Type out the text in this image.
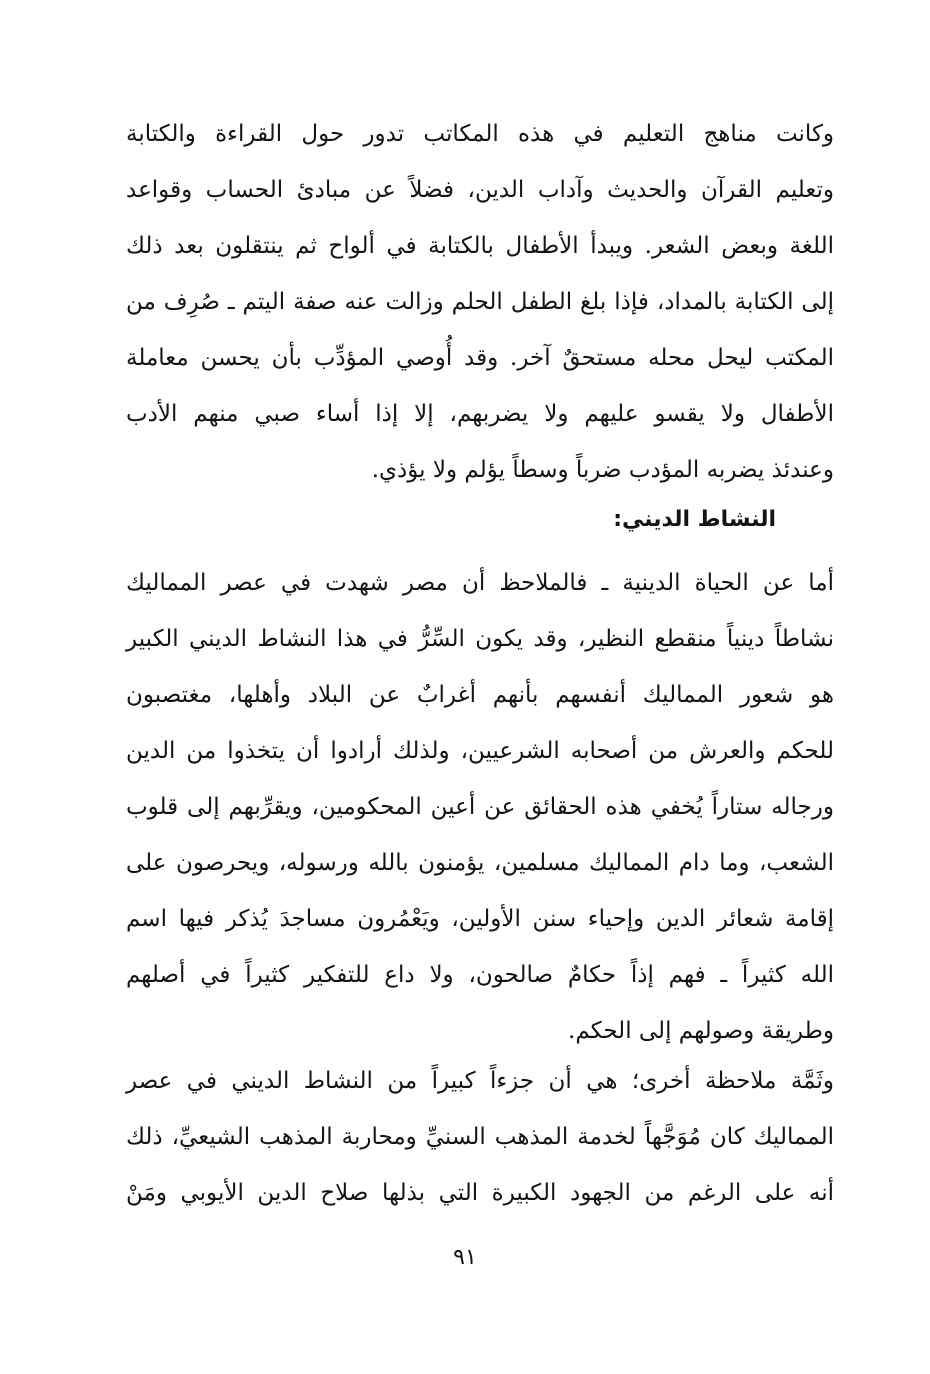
وكانت مناهج التعليم في هذه المكاتب تدور حول القراءة والكتابة
وتعليم القرآن والحديث وآداب الدين، فضلاً عن مبادئ الحساب وقواعد
اللغة وبعض الشعر. ويبدأ الأطفال بالكتابة في ألواح ثم ينتقلون بعد ذلك
إلى الكتابة بالمداد، فإذا بلغ الطفل الحلم وزالت عنه صفة اليتم ـ صُرِف من
المكتب ليحل محله مستحقٌ آخر. وقد أُوصي المؤدِّب بأن يحسن معاملة
الأطفال ولا يقسو عليهم ولا يضربهم، إلا إذا أساء صبي منهم الأدب
وعندئذ يضربه المؤدب ضرباً وسطاً يؤلم ولا يؤذي.
النشاط الديني:
أما عن الحياة الدينية ـ فالملاحظ أن مصر شهدت في عصر المماليك
نشاطاً دينياً منقطع النظير، وقد يكون السِّرُّ في هذا النشاط الديني الكبير
هو شعور المماليك أنفسهم بأنهم أغرابٌ عن البلاد وأهلها، مغتصبون
للحكم والعرش من أصحابه الشرعيين، ولذلك أرادوا أن يتخذوا من الدين
ورجاله ستاراً يُخفي هذه الحقائق عن أعين المحكومين، ويقرِّبهم إلى قلوب
الشعب، وما دام المماليك مسلمين، يؤمنون بالله ورسوله، ويحرصون على
إقامة شعائر الدين وإحياء سنن الأولين، ويَعْمُرون مساجدَ يُذكر فيها اسم
الله كثيراً ـ فهم إذاً حكامٌ صالحون، ولا داع للتفكير كثيراً في أصلهم
وطريقة وصولهم إلى الحكم.
وثَمَّة ملاحظة أخرى؛ هي أن جزءاً كبيراً من النشاط الديني في عصر
المماليك كان مُوَجَّهاً لخدمة المذهب السنيِّ ومحاربة المذهب الشيعيِّ، ذلك
أنه على الرغم من الجهود الكبيرة التي بذلها صلاح الدين الأيوبي ومَنْ
٩١
